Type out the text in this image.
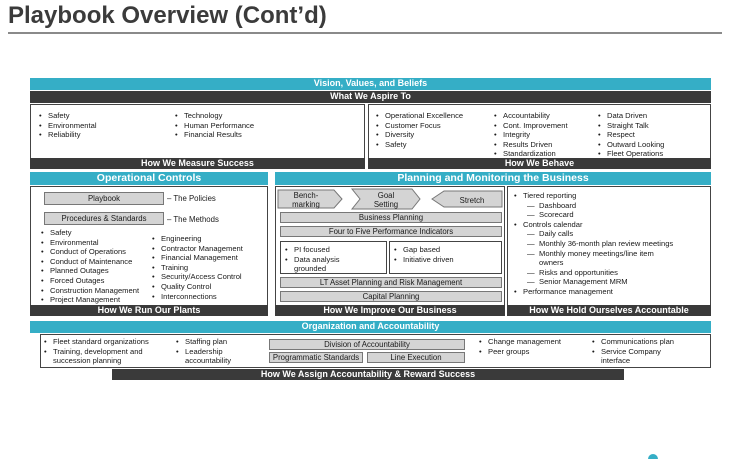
Playbook Overview (Cont’d)
Vision, Values, and Beliefs
What We Aspire To
• Safety
• Environmental
• Reliability
• Technology
• Human Performance
• Financial Results
How We Measure Success
• Operational Excellence
• Customer Focus
• Diversity
• Safety
• Accountability
• Cont. Improvement
• Integrity
• Results Driven
• Standardization
• Data Driven
• Straight Talk
• Respect
• Outward Looking
• Fleet Operations
How We Behave
Operational Controls
Playbook	– The Policies
Procedures & Standards	– The Methods
• Safety
• Environmental
• Conduct of Operations
• Conduct of Maintenance
• Planned Outages
• Forced Outages
• Construction Management
• Project Management
• Engineering
• Contractor Management
• Financial Management
• Training
• Security/Access Control
• Quality Control
• Interconnections
How We Run Our Plants
Planning and Monitoring the Business
Bench-
marking
Goal
Setting	Stretch
Business Planning
Four to Five Performance Indicators
• PI focused
• Data analysis grounded
• Gap based
• Initiative driven
LT Asset Planning and Risk Management
Capital Planning
How We Improve Our Business
• Tiered reporting
— Dashboard
— Scorecard
• Controls calendar
— Daily calls
— Monthly 36-month plan review meetings
— Monthly money meetings/line item
owners
— Risks and opportunities
— Senior Management MRM
• Performance management
How We Hold Ourselves Accountable
Organization and Accountability
• Fleet standard organizations
• Training, development and
succession planning
• Staffing plan
• Leadership
accountability
Division of Accountability
Programmatic Standards	Line Execution
• Change management
• Peer groups
• Communications plan
• Service Company
interface
How We Assign Accountability & Reward Success
